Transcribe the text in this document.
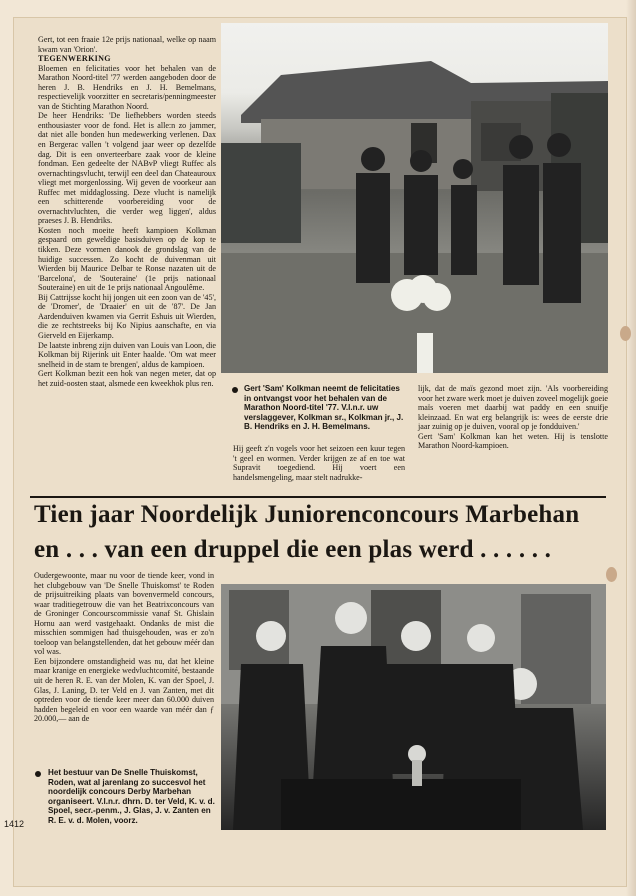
Gert, tot een fraaie 12e prijs nationaal, welke op naam kwam van 'Orion'.

TEGENWERKING

Bloemen en felicitaties voor het behalen van de Marathon Noord-titel '77 werden aangeboden door de heren J. B. Hendriks en J. H. Bemelmans, respectievelijk voorzitter en secretaris/penningmeester van de Stichting Marathon Noord.

De heer Hendriks: 'De liefhebbers worden steeds enthousiaster voor de fond. Het is alle:n zo jammer, dat niet alle bonden hun medewerking verlenen. Dax en Bergerac vallen 't volgend jaar weer op dezelfde dag. Dit is een onverteerbare zaak voor de kleine fondman. Een gedeelte der NABvP vliegt Ruffec als overnachtingsvlucht, terwijl een deel dan Chateauroux vliegt met morgenlossing. Wij geven de voorkeur aan Ruffec met middaglossing. Deze vlucht is namelijk een schitterende voorbereiding voor de overnachtvluchten, die verder weg liggen', aldus praeses J. B. Hendriks.

Kosten noch moeite heeft kampioen Kolkman gespaard om geweldige basisduiven op de kop te tikken. Deze vormen danook de grondslag van de huidige successen. Zo kocht de duivenman uit Wierden bij Maurice Delbar te Ronse nazaten uit de 'Barcelona', de 'Souteraine' (1e prijs nationaal Souteraine) en uit de 1e prijs nationaal Angoulême.

Bij Cattrijsse kocht hij jongen uit een zoon van de '45', de 'Dromer', de 'Draaier' en uit de '87'. De Jan Aardenduiven kwamen via Gerrit Eshuis uit Wierden, die ze rechtstreeks bij Ko Nipius aanschafte, en via Gierveld en Eijerkamp.

De laatste inbreng zijn duiven van Louis van Loon, die Kolkman bij Rijerink uit Enter haalde. 'Om wat meer snelheid in de stam te brengen', aldus de kampioen.

Gert Kolkman bezit een hok van negen meter, dat op het zuid-oosten staat, alsmede een kweekhok plus ren.

Gert 'Sam' Kolkman neemt de felicitaties in ontvangst voor het behalen van de Marathon Noord-titel '77. V.l.n.r. uw verslaggever, Kolkman sr., Kolkman jr., J. B. Hendriks en J. H. Bemelmans.
Hij geeft z'n vogels voor het seizoen een kuur tegen 't geel en wormen. Verder krijgen ze af en toe wat Supravit toegediend. Hij voert een handelsmengeling, maar stelt nadrukke-

lijk, dat de maïs gezond moet zijn. 'Als voorbereiding voor het zware werk moet je duiven zoveel mogelijk goeie maïs voeren met daarbij wat paddy en een snuifje kleinzaad. En wat erg belangrijk is: wees de eerste drie jaar zuinig op je duiven, vooral op je fondduiven.'

Gert 'Sam' Kolkman kan het weten. Hij is tenslotte Marathon Noord-kampioen.

Tien jaar Noordelijk Juniorenconcours Marbehan
en . . . van een druppel die een plas werd . . . . . .

Oudergewoonte, maar nu voor de tiende keer, vond in het clubgebouw van 'De Snelle Thuiskomst' te Roden de prijsuitreiking plaats van bovenvermeld concours, waar traditiegetrouw die van het Beatrixconcours van de Groninger Concourscommissie vanaf St. Ghislain Hornu aan werd vastgehaakt. Ondanks de mist die misschien sommigen had thuisgehouden, was er zo'n toeloop van belangstellenden, dat het gebouw méér dan vol was.

Een bijzondere omstandigheid was nu, dat het kleine maar kranige en energieke wedvluchtcomité, bestaande uit de heren R. E. van der Molen, K. van der Spoel, J. Glas, J. Laning, D. ter Veld en J. van Zanten, met dit optreden voor de tiende keer meer dan 60.000 duiven hadden begeleid en voor een waarde van méér dan ƒ 20.000,— aan de

Het bestuur van De Snelle Thuiskomst, Roden, wat al jarenlang zo succesvol het noordelijk concours Derby Marbehan organiseert. V.l.n.r. dhrn. D. ter Veld, K. v. d. Spoel, secr.-penm., J. Glas, J. v. Zanten en R. E. v. d. Molen, voorz.
1412
